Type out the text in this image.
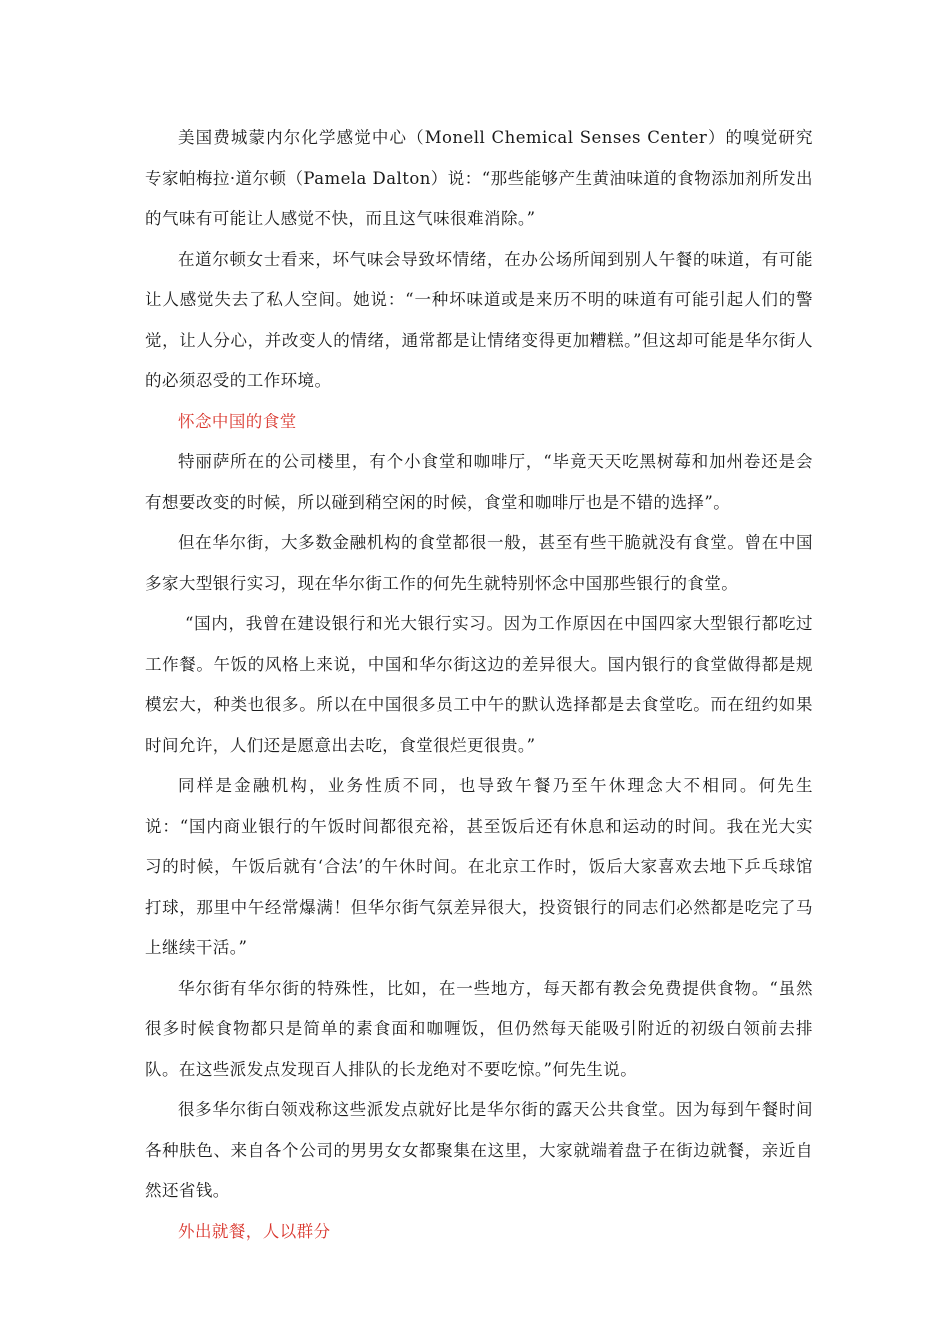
美国费城蒙内尔化学感觉中心（Monell Chemical Senses Center）的嗅觉研究专家帕梅拉·道尔顿（Pamela Dalton）说：“那些能够产生黄油味道的食物添加剂所发出的气味有可能让人感觉不快，而且这气味很难消除。”

在道尔顿女士看来，坏气味会导致坏情绪，在办公场所闻到别人午餐的味道，有可能让人感觉失去了私人空间。她说：“一种坏味道或是来历不明的味道有可能引起人们的警觉，让人分心，并改变人的情绪，通常都是让情绪变得更加糟糕。”但这却可能是华尔街人的必须忍受的工作环境。

怀念中国的食堂

特丽萨所在的公司楼里，有个小食堂和咖啡厅，“毕竟天天吃黑树莓和加州卷还是会有想要改变的时候，所以碰到稍空闲的时候，食堂和咖啡厅也是不错的选择”。

但在华尔街，大多数金融机构的食堂都很一般，甚至有些干脆就没有食堂。曾在中国多家大型银行实习，现在华尔街工作的何先生就特别怀念中国那些银行的食堂。

“国内，我曾在建设银行和光大银行实习。因为工作原因在中国四家大型银行都吃过工作餐。午饭的风格上来说，中国和华尔街这边的差异很大。国内银行的食堂做得都是规模宏大，种类也很多。所以在中国很多员工中午的默认选择都是去食堂吃。而在纽约如果时间允许，人们还是愿意出去吃，食堂很烂更很贵。”

同样是金融机构，业务性质不同，也导致午餐乃至午休理念大不相同。何先生说：“国内商业银行的午饭时间都很充裕，甚至饭后还有休息和运动的时间。我在光大实习的时候，午饭后就有‘合法’的午休时间。在北京工作时，饭后大家喜欢去地下乒乓球馆打球，那里中午经常爆满！但华尔街气氛差异很大，投资银行的同志们必然都是吃完了马上继续干活。”

华尔街有华尔街的特殊性，比如，在一些地方，每天都有教会免费提供食物。“虽然很多时候食物都只是简单的素食面和咖喱饭，但仍然每天能吸引附近的初级白领前去排队。在这些派发点发现百人排队的长龙绝对不要吃惊。”何先生说。

很多华尔街白领戏称这些派发点就好比是华尔街的露天公共食堂。因为每到午餐时间各种肤色、来自各个公司的男男女女都聚集在这里，大家就端着盘子在街边就餐，亲近自然还省钱。

外出就餐，人以群分
